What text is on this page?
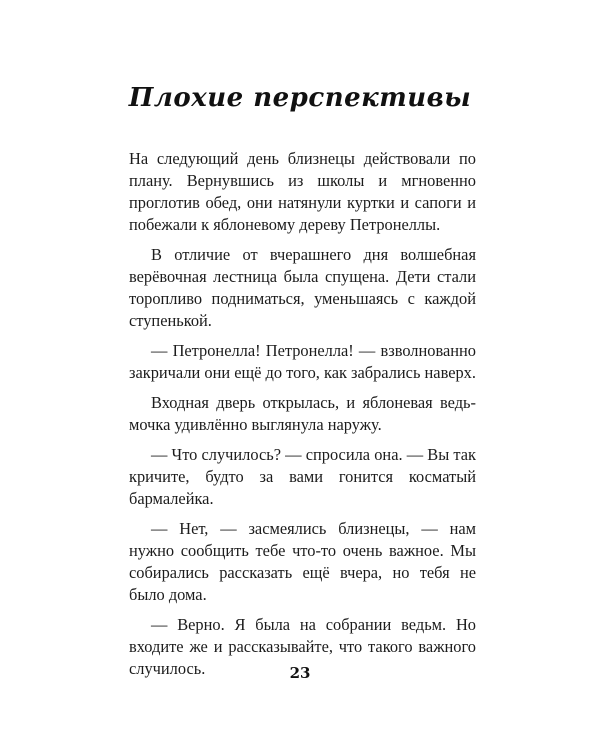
Плохие перспективы

На следующий день близнецы действовали по плану. Вернувшись из школы и мгновенно проглотив обед, они натянули куртки и сапоги и побежали к яблоневому дереву Петронеллы.

В отличие от вчерашнего дня волшебная верёвочная лестница была спущена. Дети стали торопливо подниматься, уменьшаясь с каждой ступенькой.

— Петронелла! Петронелла! — взволнованно закричали они ещё до того, как забрались наверх.

Входная дверь открылась, и яблоневая ведьмочка удивлённо выглянула наружу.

— Что случилось? — спросила она. — Вы так кричите, будто за вами гонится косматый бармалейка.

— Нет, — засмеялись близнецы, — нам нужно сообщить тебе что-то очень важное. Мы собирались рассказать ещё вчера, но тебя не было дома.

— Верно. Я была на собрании ведьм. Но входите же и рассказывайте, что такого важного случилось.	23
